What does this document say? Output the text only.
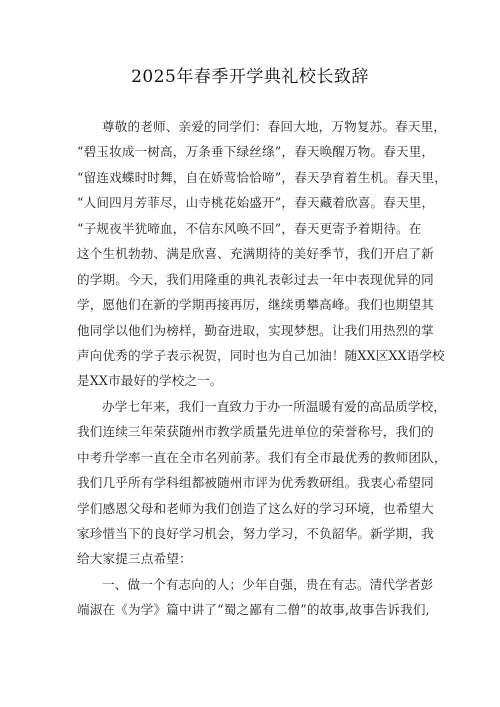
2025年春季开学典礼校长致辞
尊敬的老师、亲爱的同学们：春回大地，万物复苏。春天里，
“碧玉妆成一树高，万条垂下绿丝绦”，春天唤醒万物。春天里，
“留连戏蝶时时舞，自在娇莺恰恰啼”，春天孕育着生机。春天里，
“人间四月芳菲尽，山寺桃花始盛开”，春天藏着欣喜。春天里，
“子规夜半犹啼血，不信东风唤不回”，春天更寄予着期待。在
这个生机勃勃、满是欣喜、充满期待的美好季节，我们开启了新
的学期。今天，我们用隆重的典礼表彰过去一年中表现优异的同
学，愿他们在新的学期再接再厉，继续勇攀高峰。我们也期望其
他同学以他们为榜样，勤奋进取，实现梦想。让我们用热烈的掌
声向优秀的学子表示祝贺，同时也为自己加油！随XX区XX语学校
是XX市最好的学校之一。
办学七年来，我们一直致力于办一所温暖有爱的高品质学校，
我们连续三年荣获随州市教学质量先进单位的荣誉称号，我们的
中考升学率一直在全市名列前茅。我们有全市最优秀的教师团队，
我们几乎所有学科组都被随州市评为优秀教研组。我衷心希望同
学们感恩父母和老师为我们创造了这么好的学习环境，也希望大
家珍惜当下的良好学习机会，努力学习，不负韶华。新学期，我
给大家提三点希望：
一、做一个有志向的人；少年自强，贵在有志。清代学者彭
端淑在《为学》篇中讲了“蜀之鄙有二僧”的故事,故事告诉我们,
